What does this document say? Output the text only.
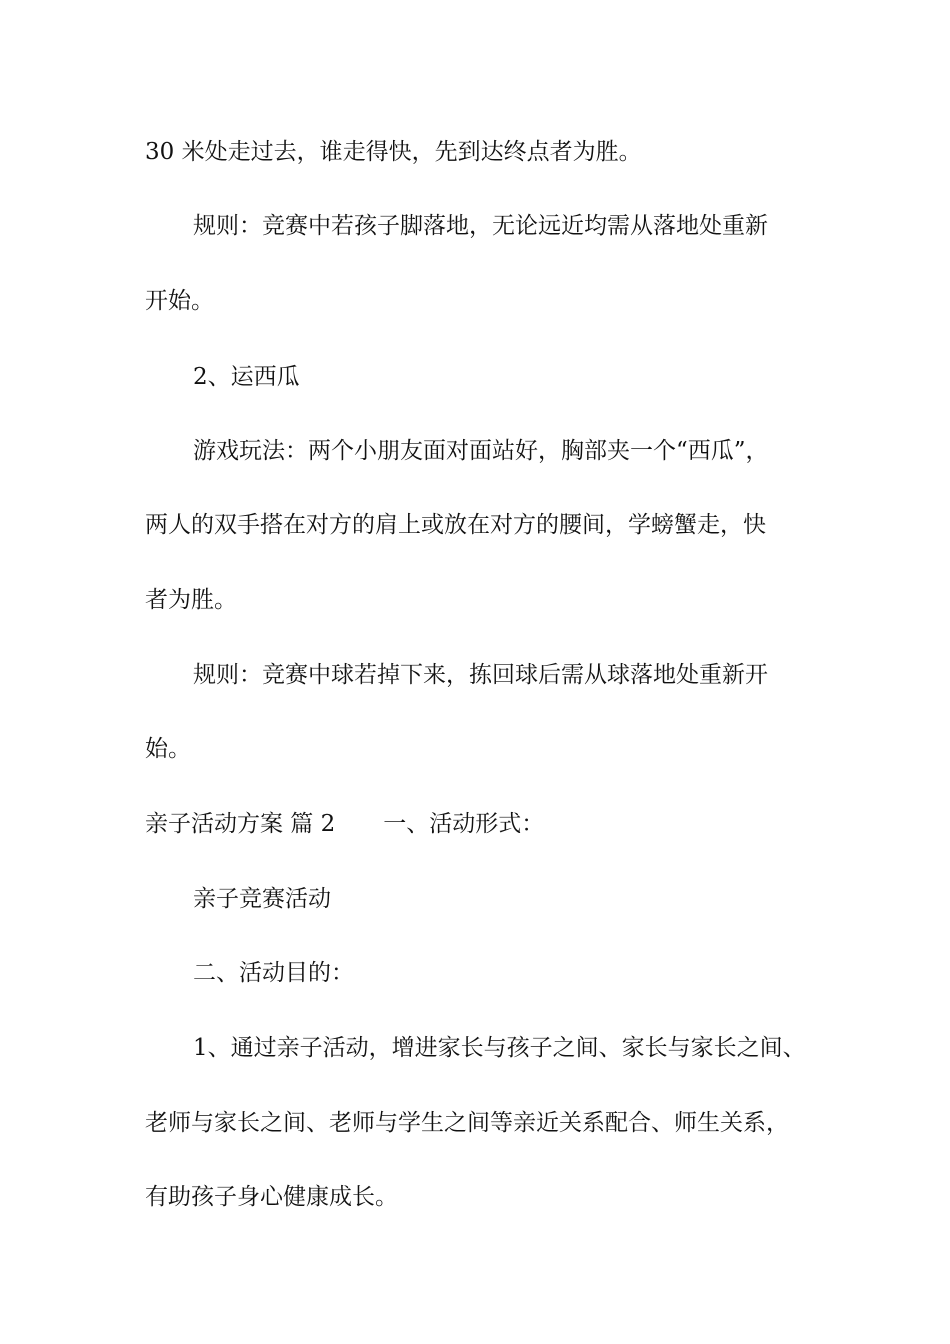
30 米处走过去，谁走得快，先到达终点者为胜。
规则：竞赛中若孩子脚落地，无论远近均需从落地处重新
开始。
2、运西瓜
游戏玩法：两个小朋友面对面站好，胸部夹一个“西瓜”，
两人的双手搭在对方的肩上或放在对方的腰间，学螃蟹走，快
者为胜。
规则：竞赛中球若掉下来，拣回球后需从球落地处重新开
始。
亲子活动方案 篇 2 一、活动形式：
亲子竞赛活动
二、活动目的：
1、通过亲子活动，增进家长与孩子之间、家长与家长之间、
老师与家长之间、老师与学生之间等亲近关系配合、师生关系，
有助孩子身心健康成长。
